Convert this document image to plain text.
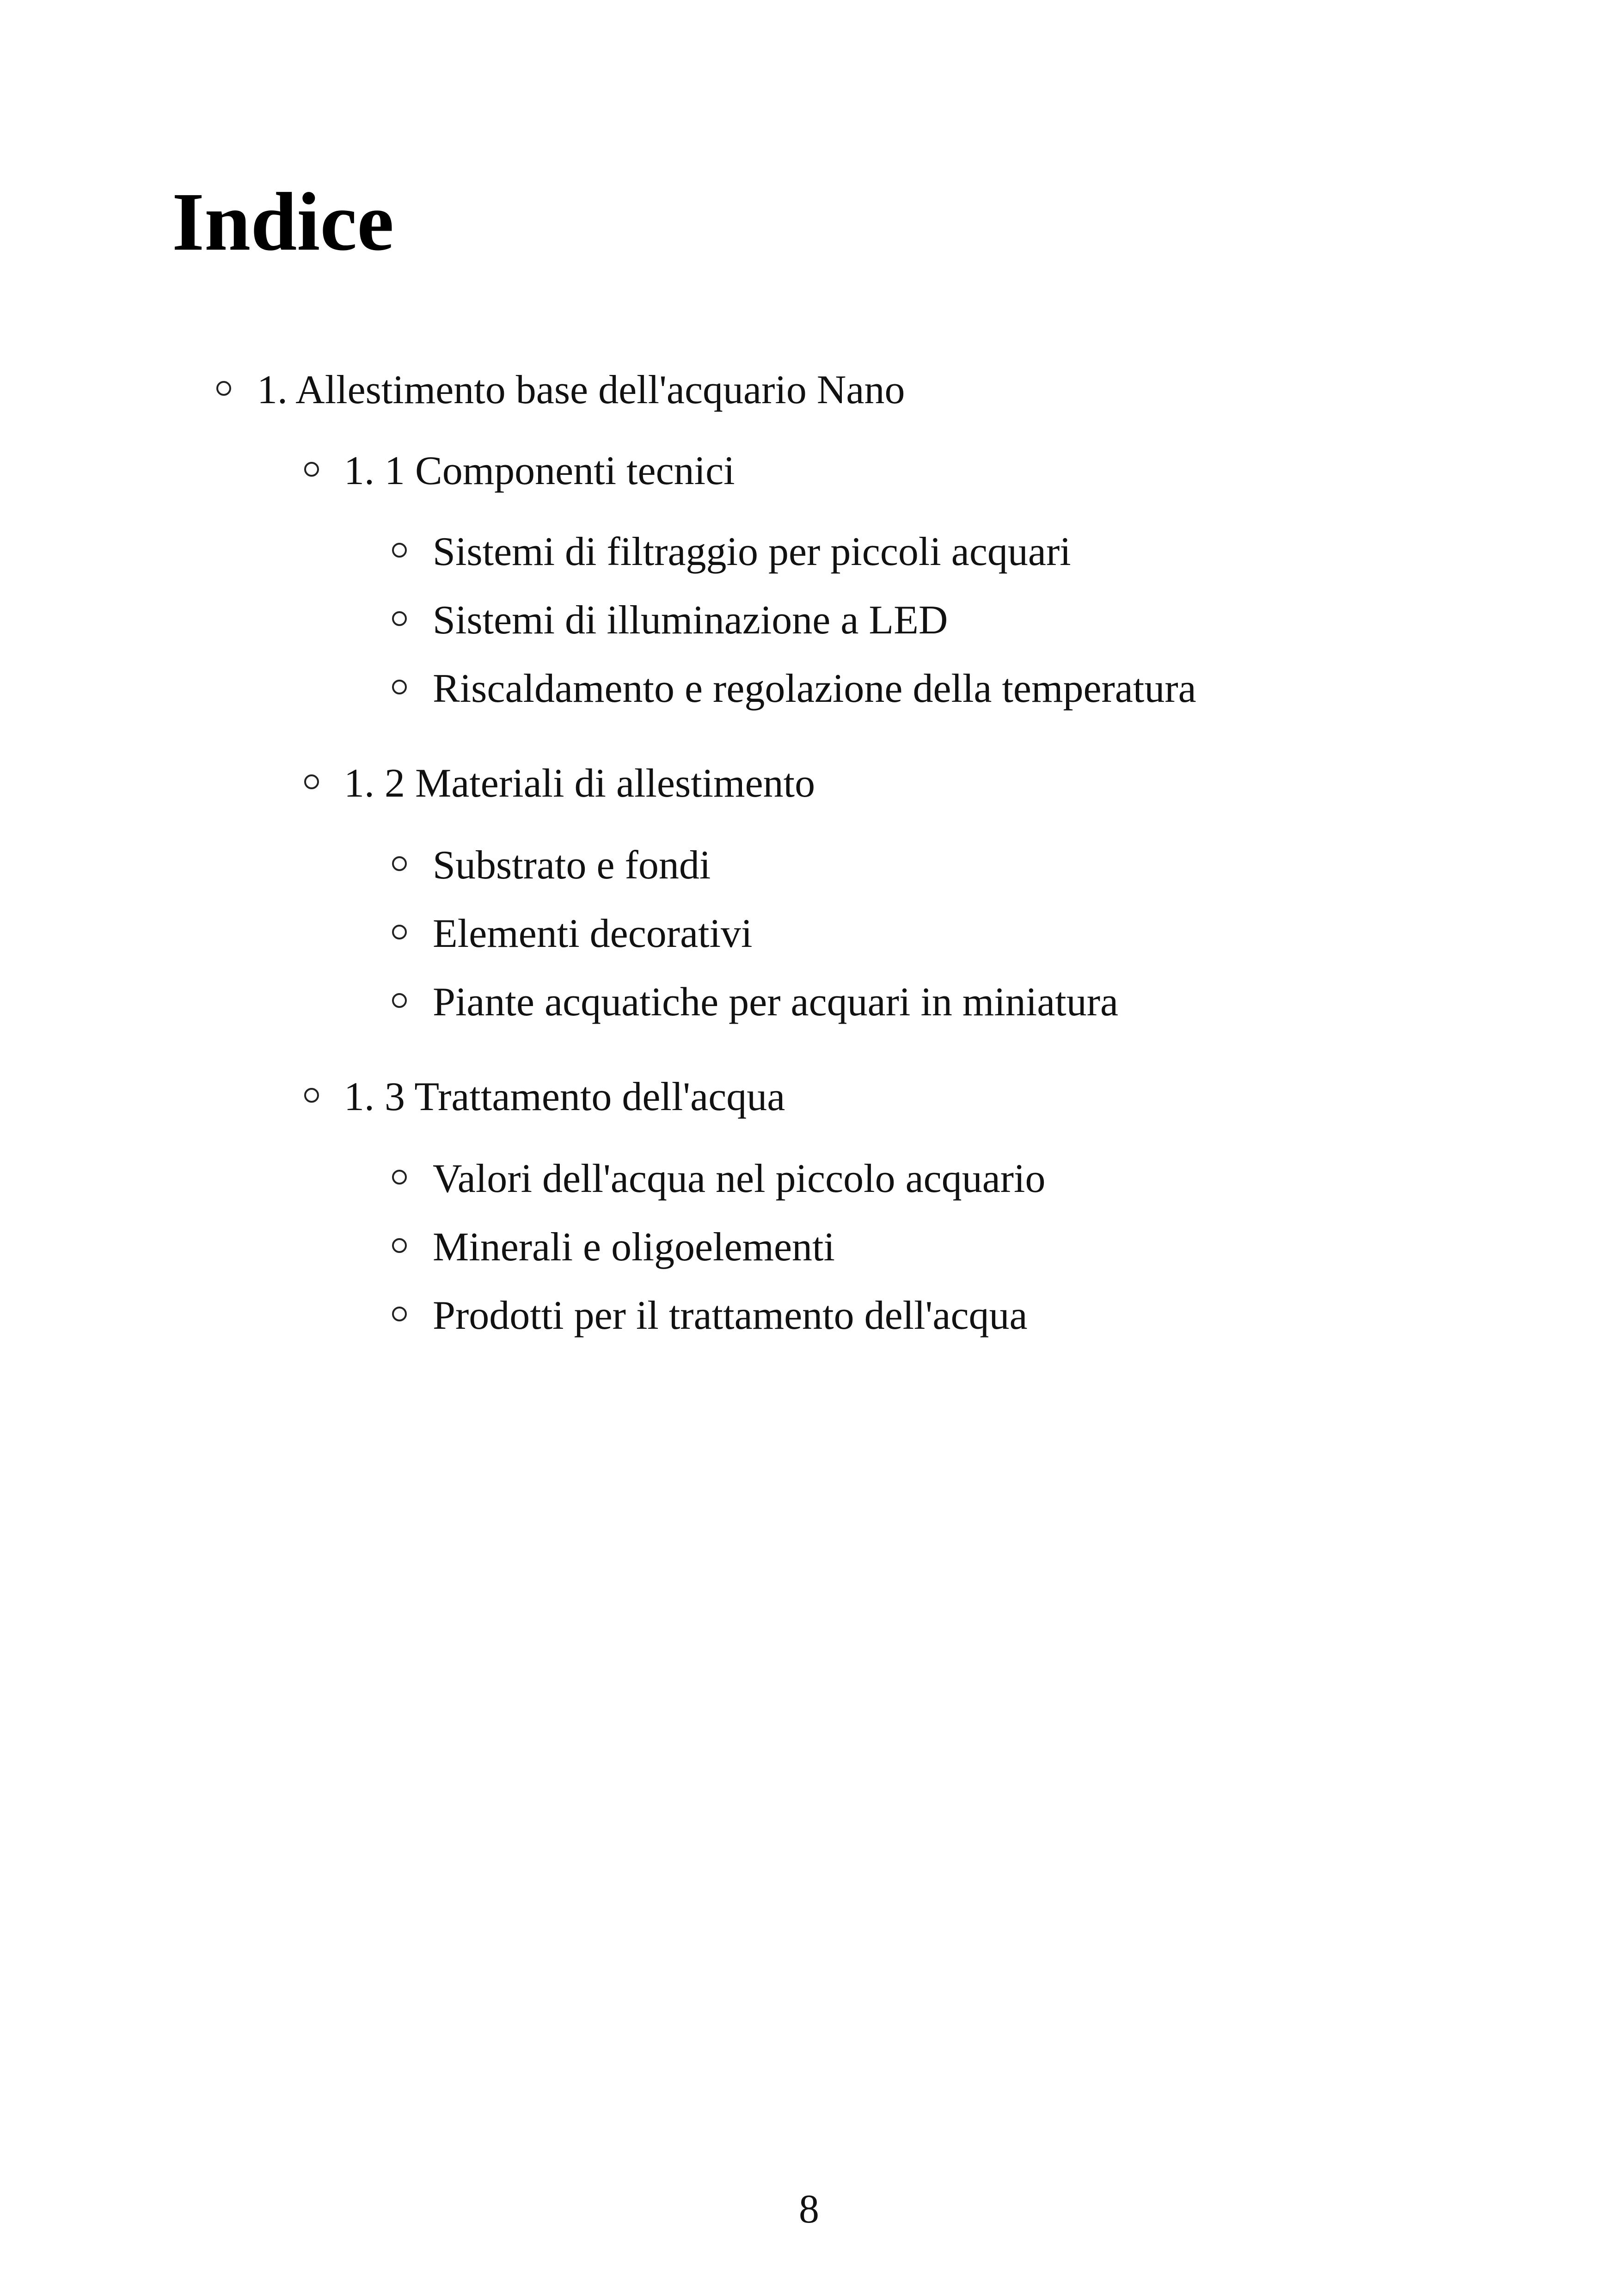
Indice
1. Allestimento base dell'acquario Nano
1. 1 Componenti tecnici
Sistemi di filtraggio per piccoli acquari
Sistemi di illuminazione a LED
Riscaldamento e regolazione della temperatura
1. 2 Materiali di allestimento
Substrato e fondi
Elementi decorativi
Piante acquatiche per acquari in miniatura
1. 3 Trattamento dell'acqua
Valori dell'acqua nel piccolo acquario
Minerali e oligoelementi
Prodotti per il trattamento dell'acqua
8
